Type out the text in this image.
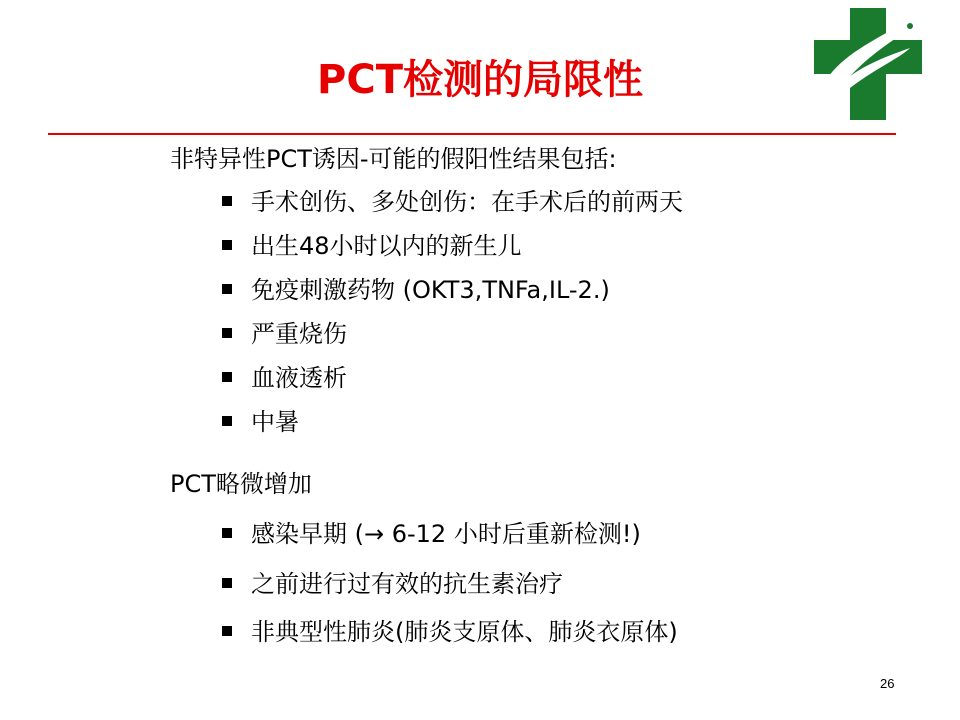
PCT检测的局限性
非特异性PCT诱因-可能的假阳性结果包括:
手术创伤、多处创伤：在手术后的前两天
出生48小时以内的新生儿
免疫刺激药物 (OKT3,TNFa,IL-2.)
严重烧伤
血液透析
中暑
PCT略微增加
感染早期 (→ 6-12 小时后重新检测!)
之前进行过有效的抗生素治疗
非典型性肺炎(肺炎支原体、肺炎衣原体)
26
